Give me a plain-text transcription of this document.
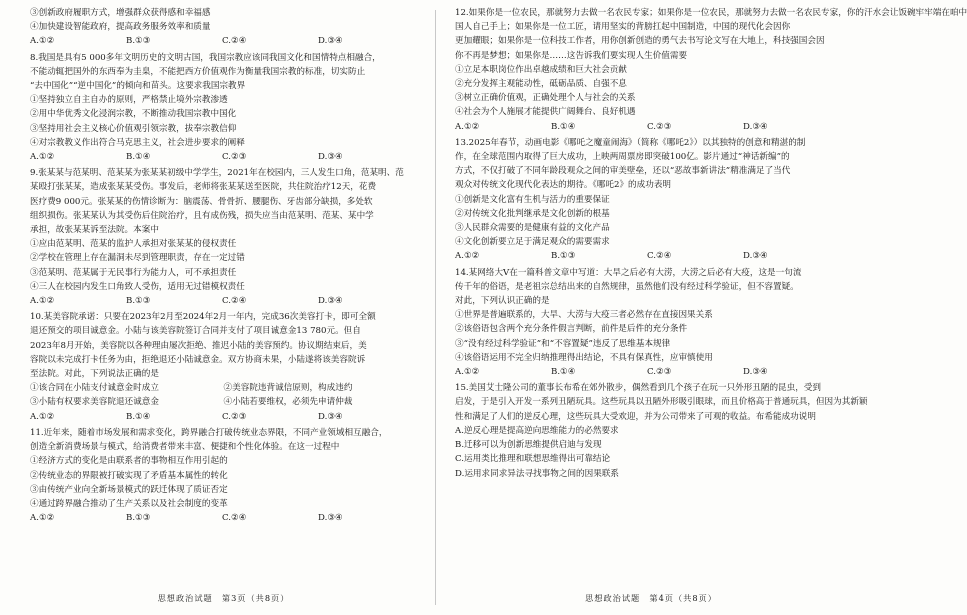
③创新政府履职方式，增强群众获得感和幸福感
④加快建设智能政府，提高政务服务效率和质量
A.①②	B.①③	C.②④	D.③④
8.我国是具有5 000多年文明历史的文明古国，我国宗教应该同我国文化和国情特点相融合，
不能动辄把国外的东西奉为圭臬，不能把西方价值观作为衡量我国宗教的标准，切实防止
“去中国化”“逆中国化”的倾向和苗头。这要求我国宗教界
①坚持独立自主自办的原则，严格禁止境外宗教渗透
②用中华优秀文化浸润宗教，不断推动我国宗教中国化
③坚持用社会主义核心价值观引领宗教，拔奉宗教信仰
④对宗教教义作出符合马克思主义，社会进步要求的阐释
A.①②	B.①④	C.②③	D.③④
9.张某某与范某明、范某某为张某某初级中学学生，2021年在校园内，三人发生口角，范某明、范
某殴打张某某，造成张某某受伤。事发后，老师将张某某送至医院，共住院治疗12天，花费
医疗费9 000元。张某某的伤情诊断为：脑震荡、骨骨折、腰腿伤、牙齿部分缺损，多处软
组织损伤。张某某认为其受伤后住院治疗，且有成伤残，损失应当由范某明、范某、某中学
承担，故张某某诉至法院。本案中
①应由范某明、范某的监护人承担对张某某的侵权责任
②学校在管理上存在漏洞未尽到管理职责，存在一定过错
③范某明、范某属于无民事行为能力人，可不承担责任
④三人在校园内发生口角致人受伤，适用无过错模权责任
A.①②	B.①③	C.②④	D.③④
10.某美容院承诺：只要在2023年2月至2024年2月一年内，完成36次美容打卡，即可全额
退还预交的项目诚意金。小陆与该美容院签订合同并支付了项目诚意金13 780元。但自
2023年8月开始，美容院以各种理由屡次拒绝、推迟小陆的美容预约。协议期结束后，美
容院以未完成打卡任务为由，拒绝退还小陆诚意金。双方协商未果，小陆遂将该美容院诉
至法院。对此，下列说法正确的是
①该合同在小陆支付诚意金时成立	②美容院违背诚信原则，构成违约
③小陆有权要求美容院退还诚意金	④小陆若要维权，必须先申请仲裁
A.①②	B.①④	C.②③	D.③④
11.近年来，随着市场发展和需求变化，跨界融合打破传统业态界限，不同产业领域相互融合，
创造全新消费场景与模式，给消费者带来丰富、便捷和个性化体验。在这一过程中
①经济方式的变化是由联系者的事物相互作用引起的
②传统业态的界限被打破实现了矛盾基本属性的转化
③由传统产业向全新场景模式的跃迁体现了质证否定
④通过跨界融合推动了生产关系以及社会制度的变革
A.①②	B.①③	C.②④	D.③④
思想政治试题　第3页（共8页）
12.如果你是一位农民，那就努力去做一名农民专家；如果你是一位农民，那就努力去做一名农民专家，你的汗水会让饭碗牢牢端在咱中
国人自己手上；如果你是一位工匠，请用坚实的背膀扛起中国制造，中国的现代化会因你
更加耀眼；如果你是一位科技工作者，用你创新创造的勇气去书写论文写在大地上，科技强国会因
你不再是梦想；如果你是……这告诉我们要实现人生价值需要
①立足本职岗位作出卓越成绩和巨大社会贡献
②充分发挥主观能动性，砥砺品质、自强不息
③树立正确价值观，正确处理个人与社会的关系
④社会为个人施展才能提供广阔舞台、良好机遇
A.①②	B.①④	C.②③	D.③④
13.2025年春节，动画电影《哪吒之魔童闹海》（简称《哪吒2》）以其独特的创意和精湛的制
作，在全球范围内取得了巨大成功，上映两周票房即突破100亿。影片通过“神话新编”的
方式，不仅打破了不同年龄段观众之间的审美壁垒，还以“恶故事新讲法”精准满足了当代
观众对传统文化现代化表达的期待。《哪吒2》的成功表明
①创新是文化富有生机与活力的重要保证
②对传统文化批判继承是文化创新的根基
③人民群众需要的是健康有益的文化产品
④文化创新要立足于满足观众的需要需求
A.①②	B.①③	C.②④	D.③④
14.某网络大V在一篇科普文章中写道：大旱之后必有大涝，大涝之后必有大疫，这是一句流
传千年的俗语，是老祖宗总结出来的自然规律，虽然他们没有经过科学验证，但不容置疑。
对此，下列认识正确的是
①世界是普遍联系的，大旱、大涝与大疫三者必然存在直接因果关系
②该俗语包含两个充分条件假言判断，前件是后件的充分条件
③“没有经过科学验证”和“不容置疑”违反了思维基本规律
④该俗语运用不完全归纳推理得出结论，不具有保真性，应审慎使用
A.①②	B.①④	C.②③	D.③④
15.美国艾士隆公司的董事长布希在郊外散步，偶然看到几个孩子在玩一只外形丑陋的昆虫，受到
启发，于是引入开发一系列丑陋玩具。这些玩具以丑陋外形吸引眼球，而且价格高于普通玩具，但因为其新颖
性和满足了人们的逆反心理，这些玩具大受欢迎，并为公司带来了可观的收益。布希能成功说明
A.逆反心理是提高逆向思维能力的必然要求
B.迁移可以为创新思维提供启迪与发现
C.运用类比推理和联想思维得出可靠结论
D.运用求同求异法寻找事物之间的因果联系
思想政治试题　第4页（共8页）
